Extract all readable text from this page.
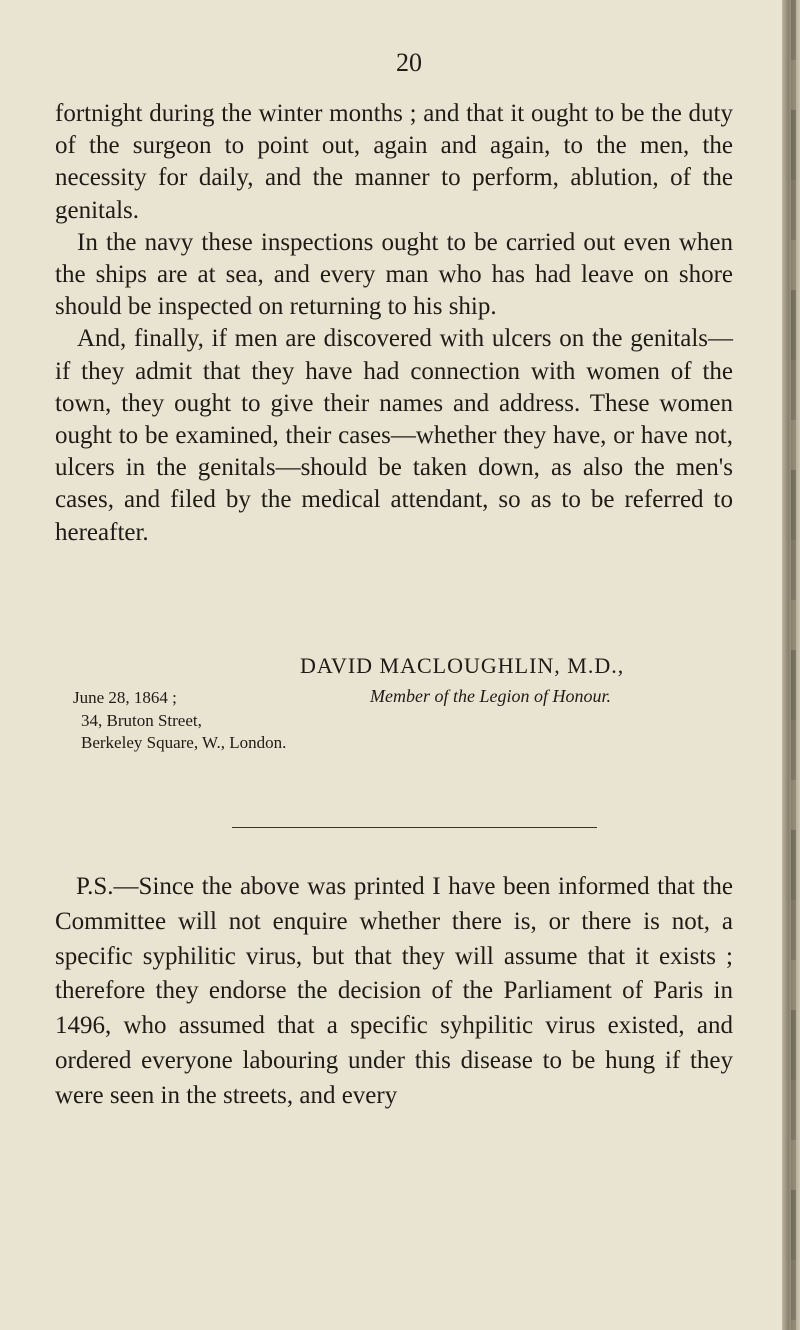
20

fortnight during the winter months ; and that it ought to be the duty of the surgeon to point out, again and again, to the men, the necessity for daily, and the manner to perform, ablution, of the genitals.

In the navy these inspections ought to be carried out even when the ships are at sea, and every man who has had leave on shore should be inspected on returning to his ship.

And, finally, if men are discovered with ulcers on the genitals—if they admit that they have had connection with women of the town, they ought to give their names and address. These women ought to be examined, their cases—whether they have, or have not, ulcers in the genitals—should be taken down, as also the men's cases, and filed by the medical attendant, so as to be referred to hereafter.

DAVID MACLOUGHLIN, M.D.,
June 28, 1864 ;	Member of the Legion of Honour.
34, Bruton Street,
Berkeley Square, W., London.

P.S.—Since the above was printed I have been informed that the Committee will not enquire whether there is, or there is not, a specific syphilitic virus, but that they will assume that it exists ; therefore they endorse the decision of the Parliament of Paris in 1496, who assumed that a specific syhpilitic virus existed, and ordered everyone labouring under this disease to be hung if they were seen in the streets, and every
